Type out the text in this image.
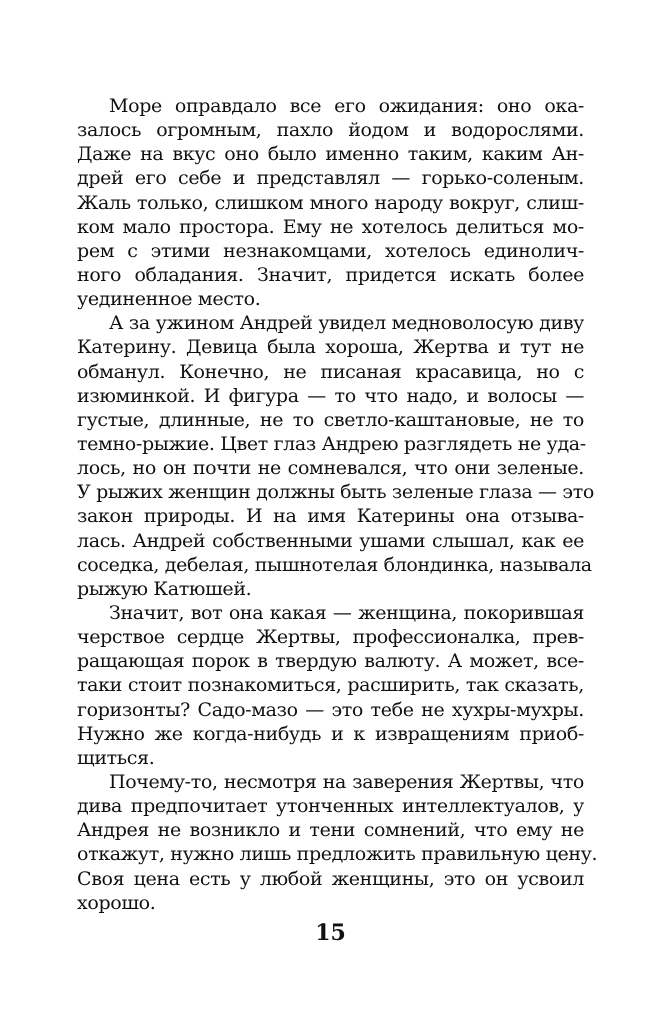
Море оправдало все его ожидания: оно ока-
залось огромным, пахло йодом и водорослями.
Даже на вкус оно было именно таким, каким Ан-
дрей его себе и представлял — горько-соленым.
Жаль только, слишком много народу вокруг, слиш-
ком мало простора. Ему не хотелось делиться мо-
рем с этими незнакомцами, хотелось единолич-
ного обладания. Значит, придется искать более
уединенное место.
А за ужином Андрей увидел медноволосую диву
Катерину. Девица была хороша, Жертва и тут не
обманул. Конечно, не писаная красавица, но с
изюминкой. И фигура — то что надо, и волосы —
густые, длинные, не то светло-каштановые, не то
темно-рыжие. Цвет глаз Андрею разглядеть не уда-
лось, но он почти не сомневался, что они зеленые.
У рыжих женщин должны быть зеленые глаза — это
закон природы. И на имя Катерины она отзыва-
лась. Андрей собственными ушами слышал, как ее
соседка, дебелая, пышнотелая блондинка, называла
рыжую Катюшей.
Значит, вот она какая — женщина, покорившая
черствое сердце Жертвы, профессионалка, прев-
ращающая порок в твердую валюту. А может, все-
таки стоит познакомиться, расширить, так сказать,
горизонты? Садо-мазо — это тебе не хухры-мухры.
Нужно же когда-нибудь и к извращениям приоб-
щиться.
Почему-то, несмотря на заверения Жертвы, что
дива предпочитает утонченных интеллектуалов, у
Андрея не возникло и тени сомнений, что ему не
откажут, нужно лишь предложить правильную цену.
Своя цена есть у любой женщины, это он усвоил
хорошо.
15
